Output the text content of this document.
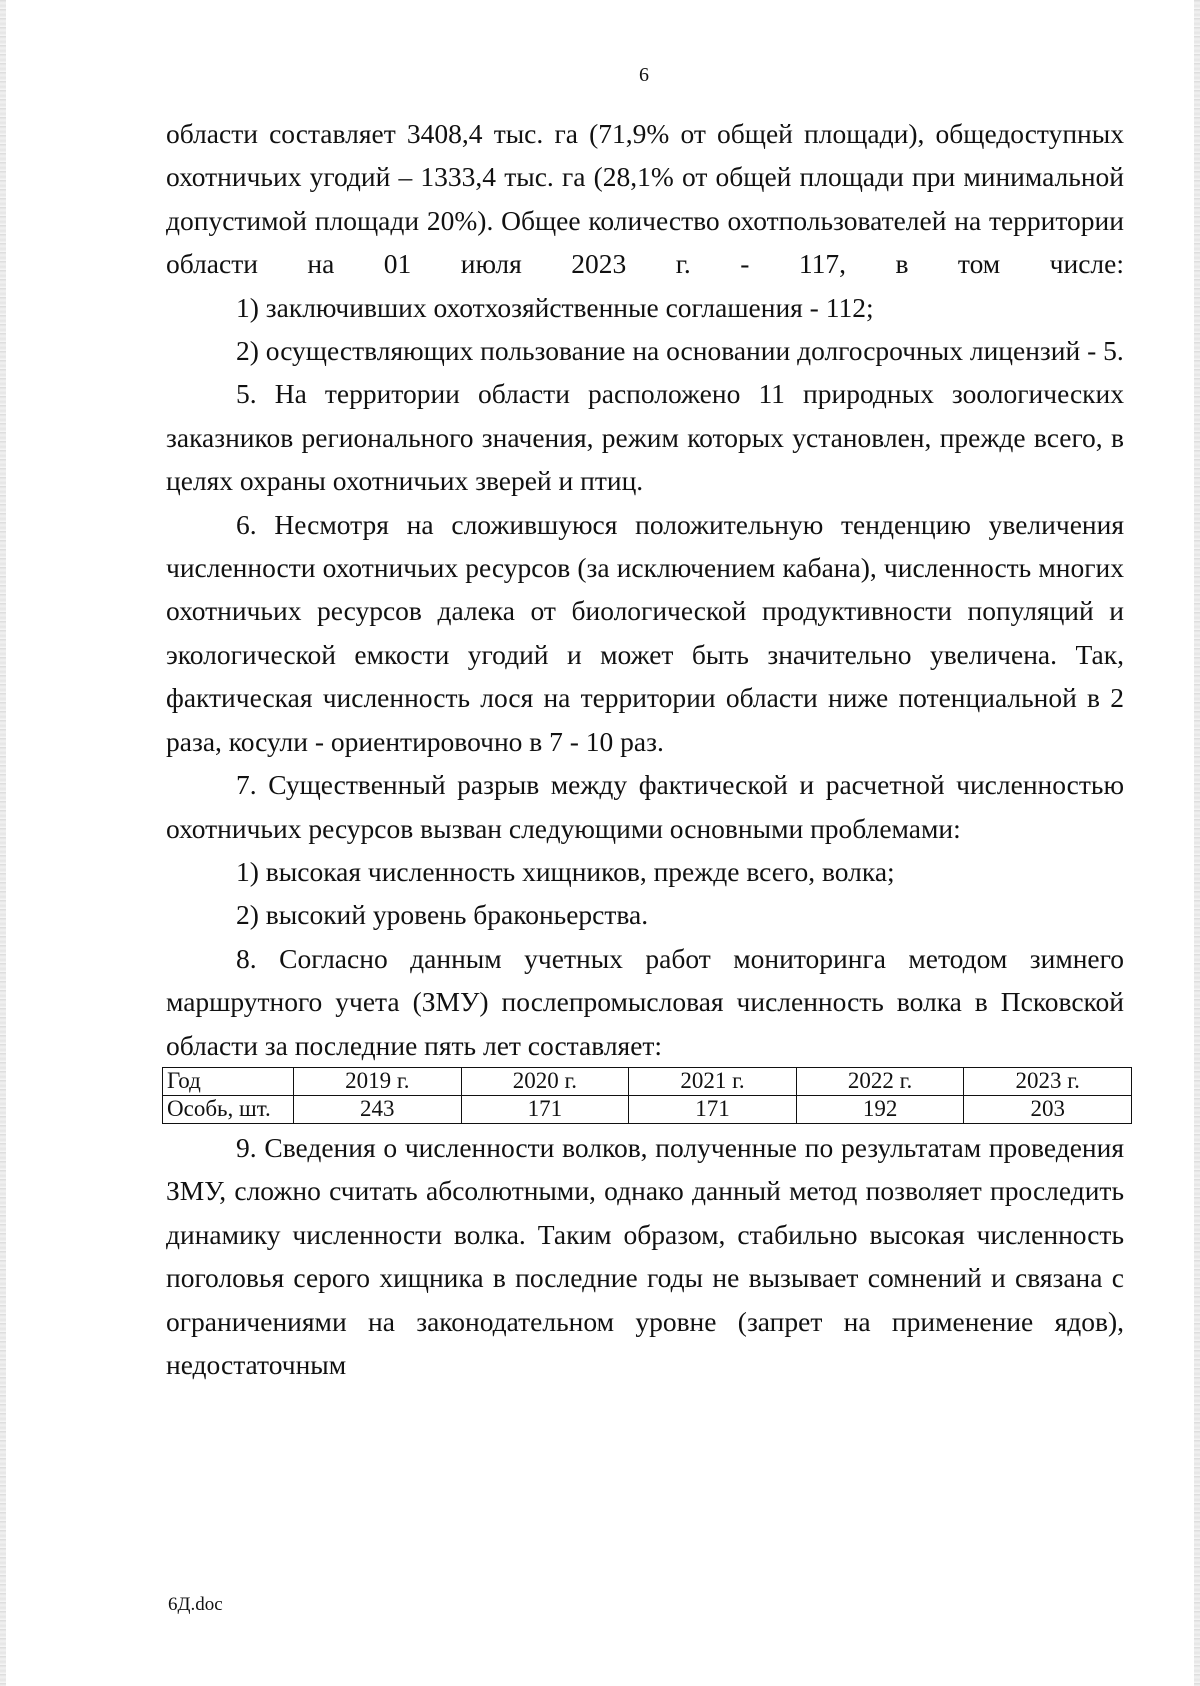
6

области составляет 3408,4 тыс. га (71,9% от общей площади), общедоступных охотничьих угодий – 1333,4 тыс. га (28,1% от общей площади при минимальной допустимой площади 20%). Общее количество охотпользователей на территории области на 01 июля 2023 г. - 117, в том числе:

1) заключивших охотхозяйственные соглашения - 112;

2) осуществляющих пользование на основании долгосрочных лицензий - 5.

5. На территории области расположено 11 природных зоологических заказников регионального значения, режим которых установлен, прежде всего, в целях охраны охотничьих зверей и птиц.

6. Несмотря на сложившуюся положительную тенденцию увеличения численности охотничьих ресурсов (за исключением кабана), численность многих охотничьих ресурсов далека от биологической продуктивности популяций и экологической емкости угодий и может быть значительно увеличена. Так, фактическая численность лося на территории области ниже потенциальной в 2 раза, косули - ориентировочно в 7 - 10 раз.

7. Существенный разрыв между фактической и расчетной численностью охотничьих ресурсов вызван следующими основными проблемами:

1) высокая численность хищников, прежде всего, волка;

2) высокий уровень браконьерства.

8. Согласно данным учетных работ мониторинга методом зимнего маршрутного учета (ЗМУ) послепромысловая численность волка в Псковской области за последние пять лет составляет:

Год	2019 г.	2020 г.	2021 г.	2022 г.	2023 г.
Особь, шт.	243	171	171	192	203

9. Сведения о численности волков, полученные по результатам проведения ЗМУ, сложно считать абсолютными, однако данный метод позволяет проследить динамику численности волка. Таким образом, стабильно высокая численность поголовья серого хищника в последние годы не вызывает сомнений и связана с ограничениями на законодательном уровне (запрет на применение ядов), недостаточным

6Д.doc
